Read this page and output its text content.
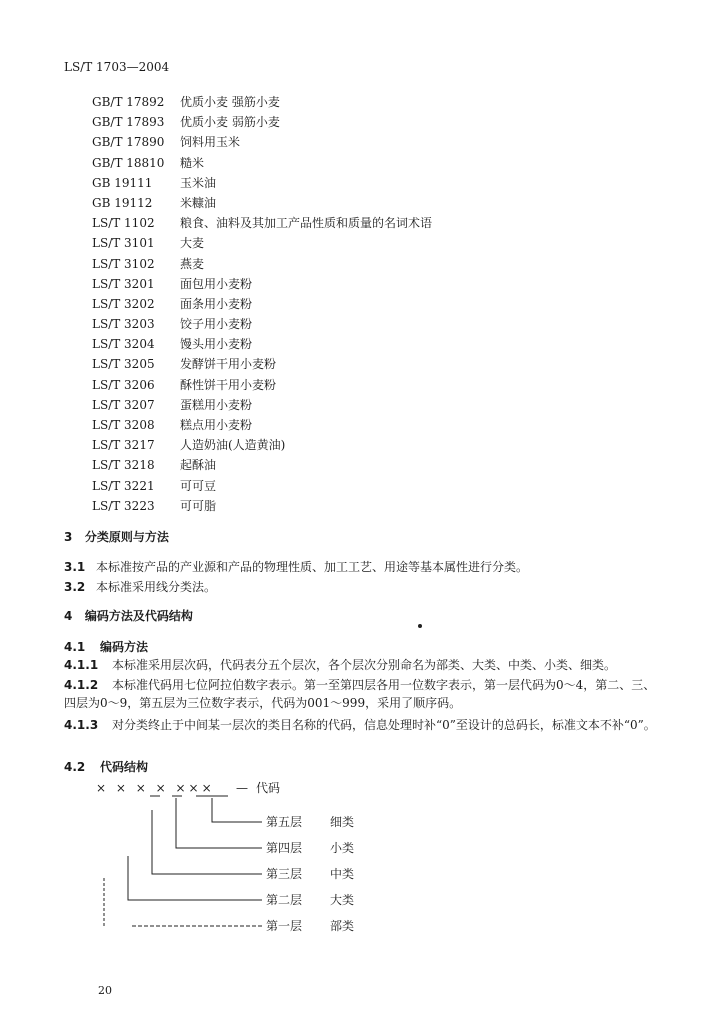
LS/T 1703—2004
GB/T 17892 优质小麦 强筋小麦
GB/T 17893 优质小麦 弱筋小麦
GB/T 17890 饲料用玉米
GB/T 18810 糙米
GB 19111 玉米油
GB 19112 米糠油
LS/T 1102 粮食、油料及其加工产品性质和质量的名词术语
LS/T 3101 大麦
LS/T 3102 燕麦
LS/T 3201 面包用小麦粉
LS/T 3202 面条用小麦粉
LS/T 3203 饺子用小麦粉
LS/T 3204 馒头用小麦粉
LS/T 3205 发酵饼干用小麦粉
LS/T 3206 酥性饼干用小麦粉
LS/T 3207 蛋糕用小麦粉
LS/T 3208 糕点用小麦粉
LS/T 3217 人造奶油(人造黄油)
LS/T 3218 起酥油
LS/T 3221 可可豆
LS/T 3223 可可脂
3 分类原则与方法
3.1 本标准按产品的产业源和产品的物理性质、加工工艺、用途等基本属性进行分类。
3.2 本标准采用线分类法。
4 编码方法及代码结构
4.1 编码方法
4.1.1 本标准采用层次码，代码表分五个层次，各个层次分别命名为部类、大类、中类、小类、细类。
4.1.2 本标准代码用七位阿拉伯数字表示。第一至第四层各用一位数字表示，第一层代码为0～4，第二、三、四层为0～9，第五层为三位数字表示，代码为001～999，采用了顺序码。
4.1.3 对分类终止于中间某一层次的类目名称的代码，信息处理时补“0”至设计的总码长，标准文本不补“0”。
4.2 代码结构
× × × × ××× — 代码
第五层 细类
第四层 小类
第三层 中类
第二层 大类
第一层 部类
20
